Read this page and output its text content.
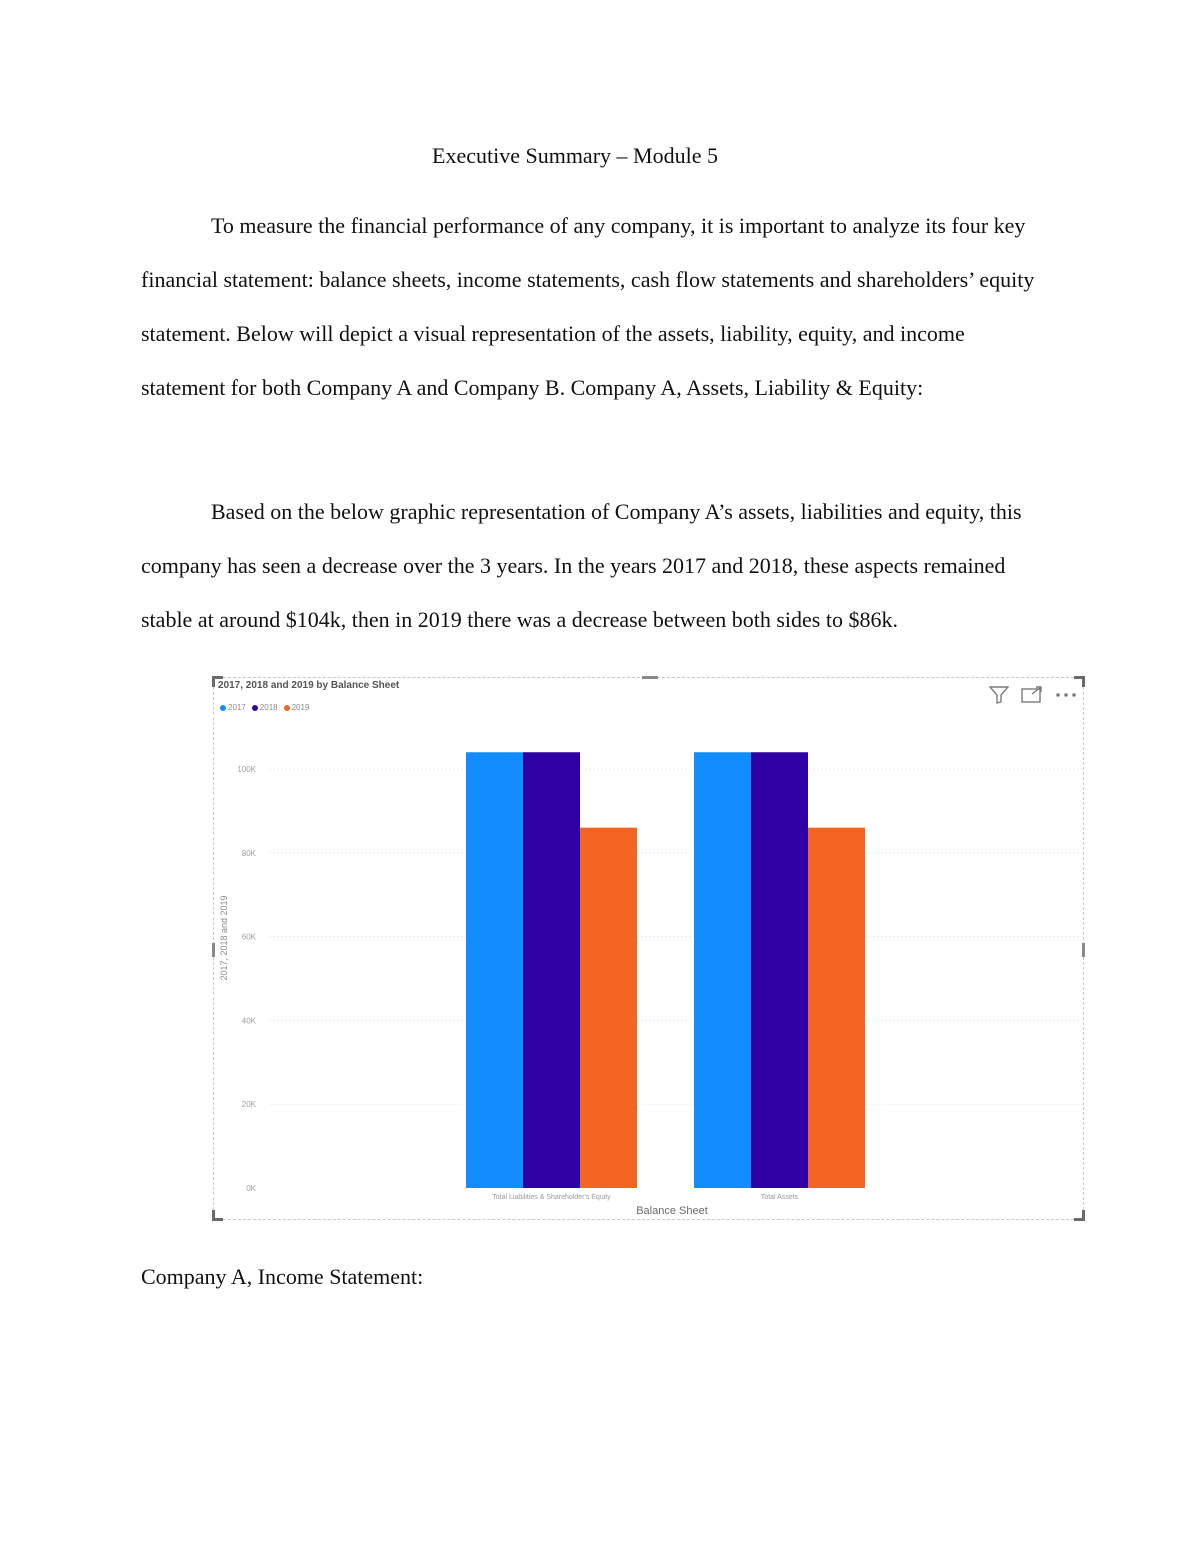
Executive Summary – Module 5

To measure the financial performance of any company, it is important to analyze its four key financial statement: balance sheets, income statements, cash flow statements and shareholders’ equity statement. Below will depict a visual representation of the assets, liability, equity, and income statement for both Company A and Company B. Company A, Assets, Liability & Equity:

Based on the below graphic representation of Company A’s assets, liabilities and equity, this company has seen a decrease over the 3 years. In the years 2017 and 2018, these aspects remained stable at around $104k, then in 2019 there was a decrease between both sides to $86k.

2017, 2018 and 2019 by Balance Sheet
2017 2018 2019
0K
20K
40K
60K
80K
100K
Total Liabilities & Shareholder's Equity	Total Assets
2017, 2018 and 2019
Balance Sheet

Company A, Income Statement:
